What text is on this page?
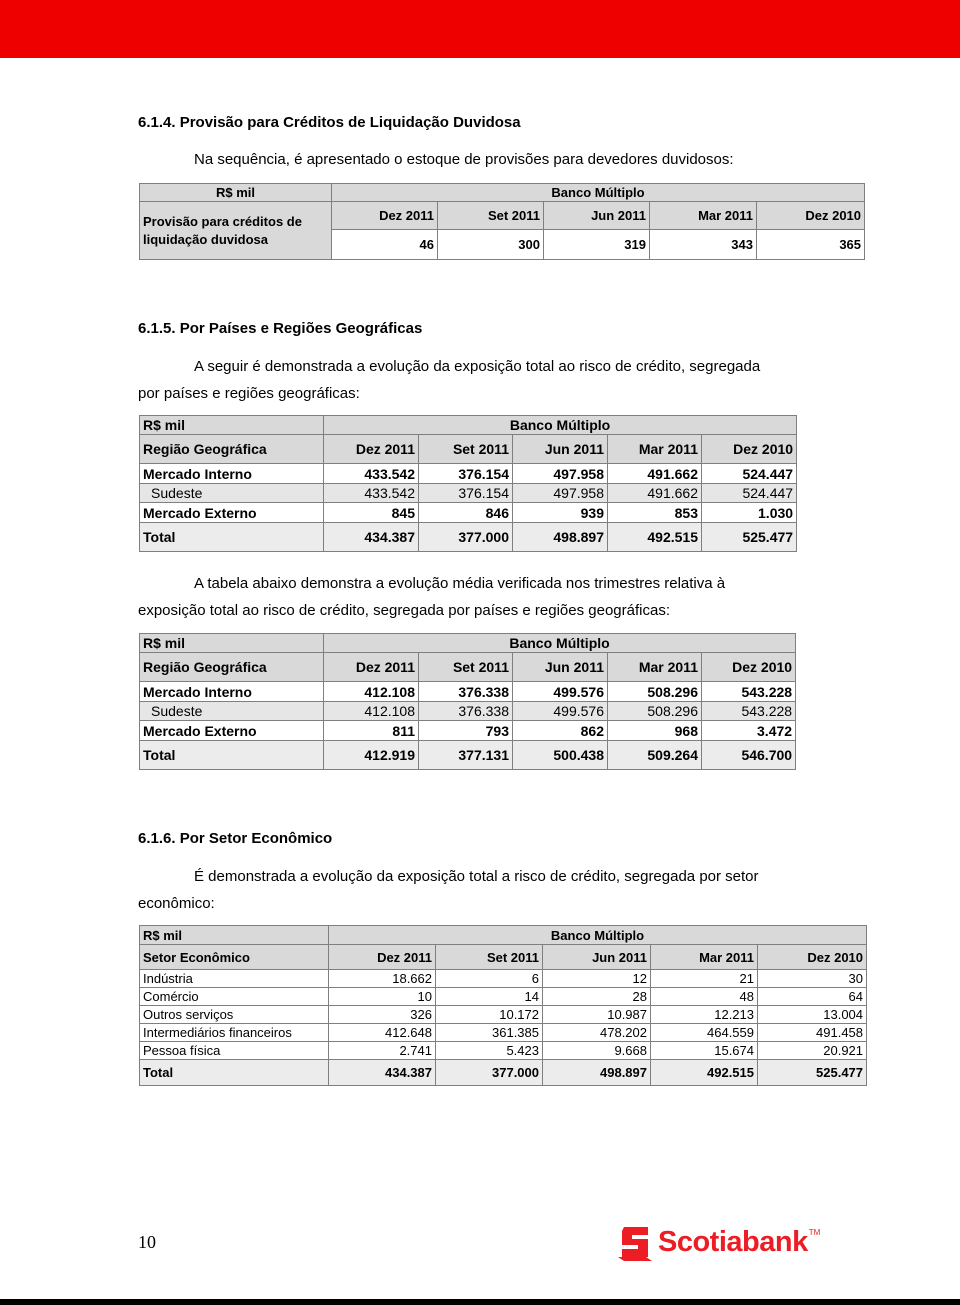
6.1.4. Provisão para Créditos de Liquidação Duvidosa
Na sequência, é apresentado o estoque de provisões para devedores duvidosos:
R$ mil	Banco Múltiplo				

Provisão para créditos de
liquidação duvidosa	Dez 2011	Set 2011	Jun 2011	Mar 2011	Dez 2010
	46	300	319	343	365
6.1.5. Por Países e Regiões Geográficas
A seguir é demonstrada a evolução da exposição total ao risco de crédito, segregada
por países e regiões geográficas:
R$ mil	Banco Múltiplo				
Região Geográfica	Dez 2011	Set 2011	Jun 2011	Mar 2011	Dez 2010
Mercado Interno	433.542	376.154	497.958	491.662	524.447
Sudeste	433.542	376.154	497.958	491.662	524.447
Mercado Externo	845	846	939	853	1.030
Total	434.387	377.000	498.897	492.515	525.477
A tabela abaixo demonstra a evolução média verificada nos trimestres relativa à
exposição total ao risco de crédito, segregada por países e regiões geográficas:
R$ mil	Banco Múltiplo				
Região Geográfica	Dez 2011	Set 2011	Jun 2011	Mar 2011	Dez 2010
Mercado Interno	412.108	376.338	499.576	508.296	543.228
Sudeste	412.108	376.338	499.576	508.296	543.228
Mercado Externo	811	793	862	968	3.472
Total	412.919	377.131	500.438	509.264	546.700
6.1.6. Por Setor Econômico
É demonstrada a evolução da exposição total a risco de crédito, segregada por setor
econômico:
R$ mil	Banco Múltiplo				
Setor Econômico	Dez 2011	Set 2011	Jun 2011	Mar 2011	Dez 2010
Indústria	18.662	6	12	21	30
Comércio	10	14	28	48	64
Outros serviços	326	10.172	10.987	12.213	13.004
Intermediários financeiros	412.648	361.385	478.202	464.559	491.458
Pessoa física	2.741	5.423	9.668	15.674	20.921
Total	434.387	377.000	498.897	492.515	525.477
10	Scotiabank TM
